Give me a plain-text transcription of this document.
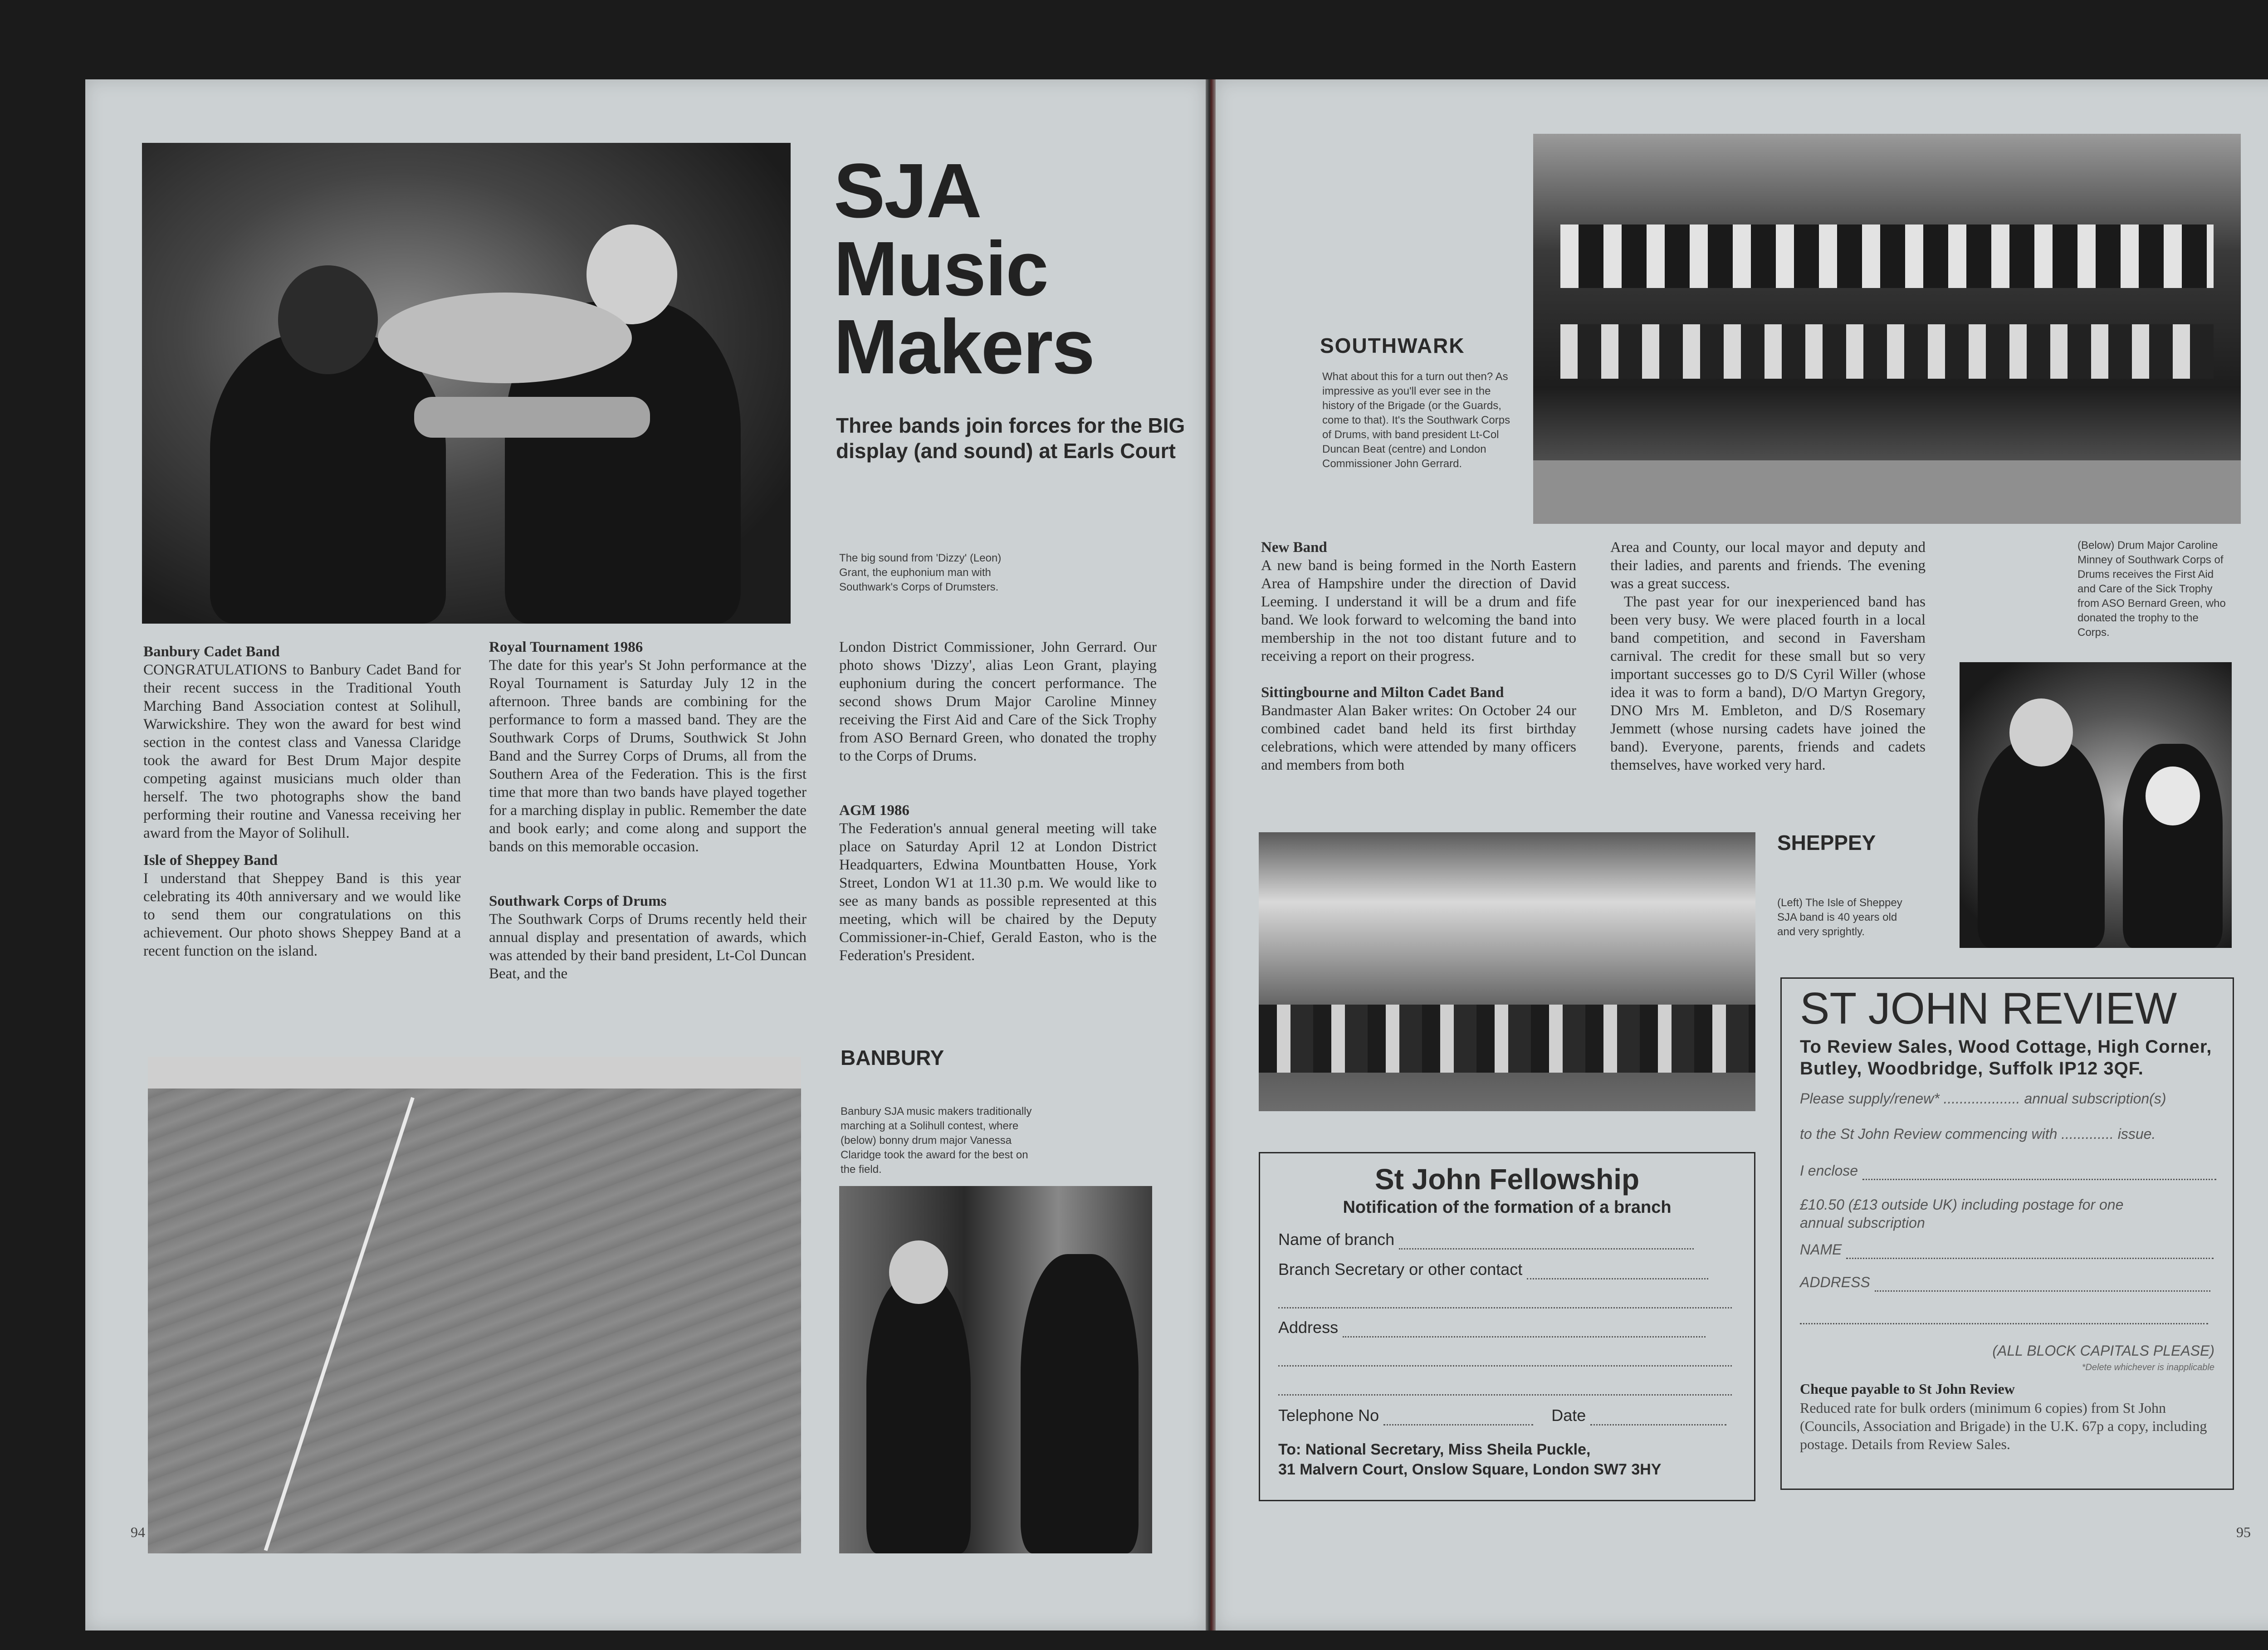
SJA
Music
Makers
Three bands join forces for the BIG display (and sound) at Earls Court
The big sound from 'Dizzy' (Leon) Grant, the euphonium man with Southwark's Corps of Drumsters.
Banbury Cadet Band

CONGRATULATIONS to Banbury Cadet Band for their recent success in the Traditional Youth Marching Band Association contest at Solihull, Warwickshire. They won the award for best wind section in the contest class and Vanessa Claridge took the award for Best Drum Major despite competing against musicians much older than herself. The two photographs show the band performing their routine and Vanessa receiving her award from the Mayor of Solihull.

Isle of Sheppey Band

I understand that Sheppey Band is this year celebrating its 40th anniversary and we would like to send them our congratulations on this achievement. Our photo shows Sheppey Band at a recent function on the island.

Royal Tournament 1986

The date for this year's St John performance at the Royal Tournament is Saturday July 12 in the afternoon. Three bands are combining for the performance to form a massed band. They are the Southwark Corps of Drums, Southwick St John Band and the Surrey Corps of Drums, all from the Southern Area of the Federation. This is the first time that more than two bands have played together for a marching display in public. Remember the date and book early; and come along and support the bands on this memorable occasion.

Southwark Corps of Drums

The Southwark Corps of Drums recently held their annual display and presentation of awards, which was attended by their band president, Lt-Col Duncan Beat, and the

London District Commissioner, John Gerrard. Our photo shows 'Dizzy', alias Leon Grant, playing euphonium during the concert performance. The second shows Drum Major Caroline Minney receiving the First Aid and Care of the Sick Trophy from ASO Bernard Green, who donated the trophy to the Corps of Drums.

AGM 1986

The Federation's annual general meeting will take place on Saturday April 12 at London District Headquarters, Edwina Mountbatten House, York Street, London W1 at 11.30 p.m. We would like to see as many bands as possible represented at this meeting, which will be chaired by the Deputy Commissioner-in-Chief, Gerald Easton, who is the Federation's President.

BANBURY
Banbury SJA music makers traditionally marching at a Solihull contest, where (below) bonny drum major Vanessa Claridge took the award for the best on the field.
94
SOUTHWARK
What about this for a turn out then? As impressive as you'll ever see in the history of the Brigade (or the Guards, come to that). It's the Southwark Corps of Drums, with band president Lt-Col Duncan Beat (centre) and London Commissioner John Gerrard.
New Band

A new band is being formed in the North Eastern Area of Hampshire under the direction of David Leeming. I understand it will be a drum and fife band. We look forward to welcoming the band into membership in the not too distant future and to receiving a report on their progress.

Sittingbourne and Milton Cadet Band

Bandmaster Alan Baker writes: On October 24 our combined cadet band held its first birthday celebrations, which were attended by many officers and members from both

Area and County, our local mayor and deputy and their ladies, and parents and friends. The evening was a great success.

The past year for our inexperienced band has been very busy. We were placed fourth in a local band competition, and second in Faversham carnival. The credit for these small but so very important successes go to D/S Cyril Willer (whose idea it was to form a band), D/O Martyn Gregory, DNO Mrs M. Embleton, and D/S Rosemary Jemmett (whose nursing cadets have joined the band). Everyone, parents, friends and cadets themselves, have worked very hard.

(Below) Drum Major Caroline Minney of Southwark Corps of Drums receives the First Aid and Care of the Sick Trophy from ASO Bernard Green, who donated the trophy to the Corps.
SHEPPEY
(Left) The Isle of Sheppey SJA band is 40 years old and very sprightly.
St John Fellowship
Notification of the formation of a branch
Name of branch
Branch Secretary or other contact
Address
Telephone No	Date
To: National Secretary, Miss Sheila Puckle,
31 Malvern Court, Onslow Square, London SW7 3HY
ST JOHN REVIEW
To Review Sales, Wood Cottage, High Corner,
Butley, Woodbridge, Suffolk IP12 3QF.
Please supply/renew* ................... annual subscription(s)
to the St John Review commencing with ............. issue.
I enclose
£10.50 (£13 outside UK) including postage for one
annual subscription
NAME
ADDRESS
(ALL BLOCK CAPITALS PLEASE)
*Delete whichever is inapplicable
Cheque payable to St John Review
Reduced rate for bulk orders (minimum 6 copies) from St John (Councils, Association and Brigade) in the U.K. 67p a copy, including postage. Details from Review Sales.
95
